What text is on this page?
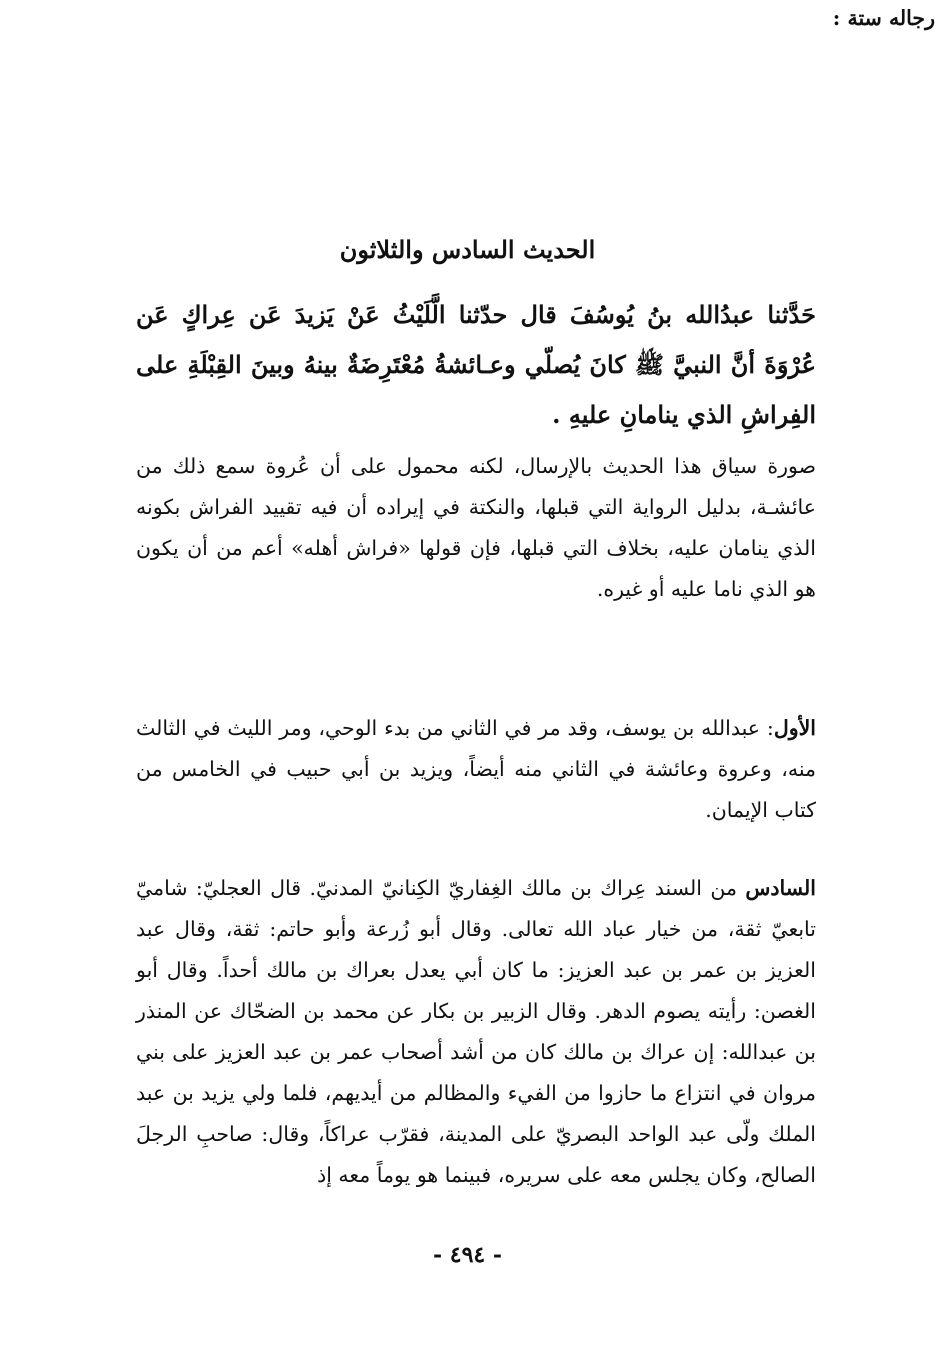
الحديث السادس والثلاثون
حَدَّثنا عبدُالله بنُ يُوسُفَ قال حدّثنا الَّلَيْثُ عَنْ يَزيدَ عَن عِراكٍ عَن عُرْوَةَ أنَّ النبيَّ ﷺ كانَ يُصلّي وعـائشةُ مُعْتَرِضَةٌ بينهُ وبينَ القِبْلَةِ على الفِراشِ الذي ينامانِ عليهِ .
صورة سياق هذا الحديث بالإرسال، لكنه محمول على أن عُروة سمع ذلك من عائشـة، بدليل الرواية التي قبلها، والنكتة في إيراده أن فيه تقييد الفراش بكونه الذي ينامان عليه، بخلاف التي قبلها، فإن قولها «فراش أهله» أعم من أن يكون هو الذي ناما عليه أو غيره.
رجاله ستة :
الأول: عبدالله بن يوسف، وقد مر في الثاني من بدء الوحي، ومر الليث في الثالث منه، وعروة وعائشة في الثاني منه أيضاً، ويزيد بن أبي حبيب في الخامس من كتاب الإيمان.
السادس من السند عِراك بن مالك الغِفاريّ الكِنانيّ المدنيّ. قال العجليّ: شاميّ تابعيّ ثقة، من خيار عباد الله تعالى. وقال أبو زُرعة وأبو حاتم: ثقة، وقال عبد العزيز بن عمر بن عبد العزيز: ما كان أبي يعدل بعراك بن مالك أحداً. وقال أبو الغصن: رأيته يصوم الدهر. وقال الزبير بن بكار عن محمد بن الضحّاك عن المنذر بن عبدالله: إن عراك بن مالك كان من أشد أصحاب عمر بن عبد العزيز على بني مروان في انتزاع ما حازوا من الفيء والمظالم من أيديهم، فلما ولي يزيد بن عبد الملك ولّى عبد الواحد البصريّ على المدينة، فقرّب عراكاً، وقال: صاحبِ الرجلَ الصالح، وكان يجلس معه على سريره، فبينما هو يوماً معه إذ
- ٤٩٤ -
